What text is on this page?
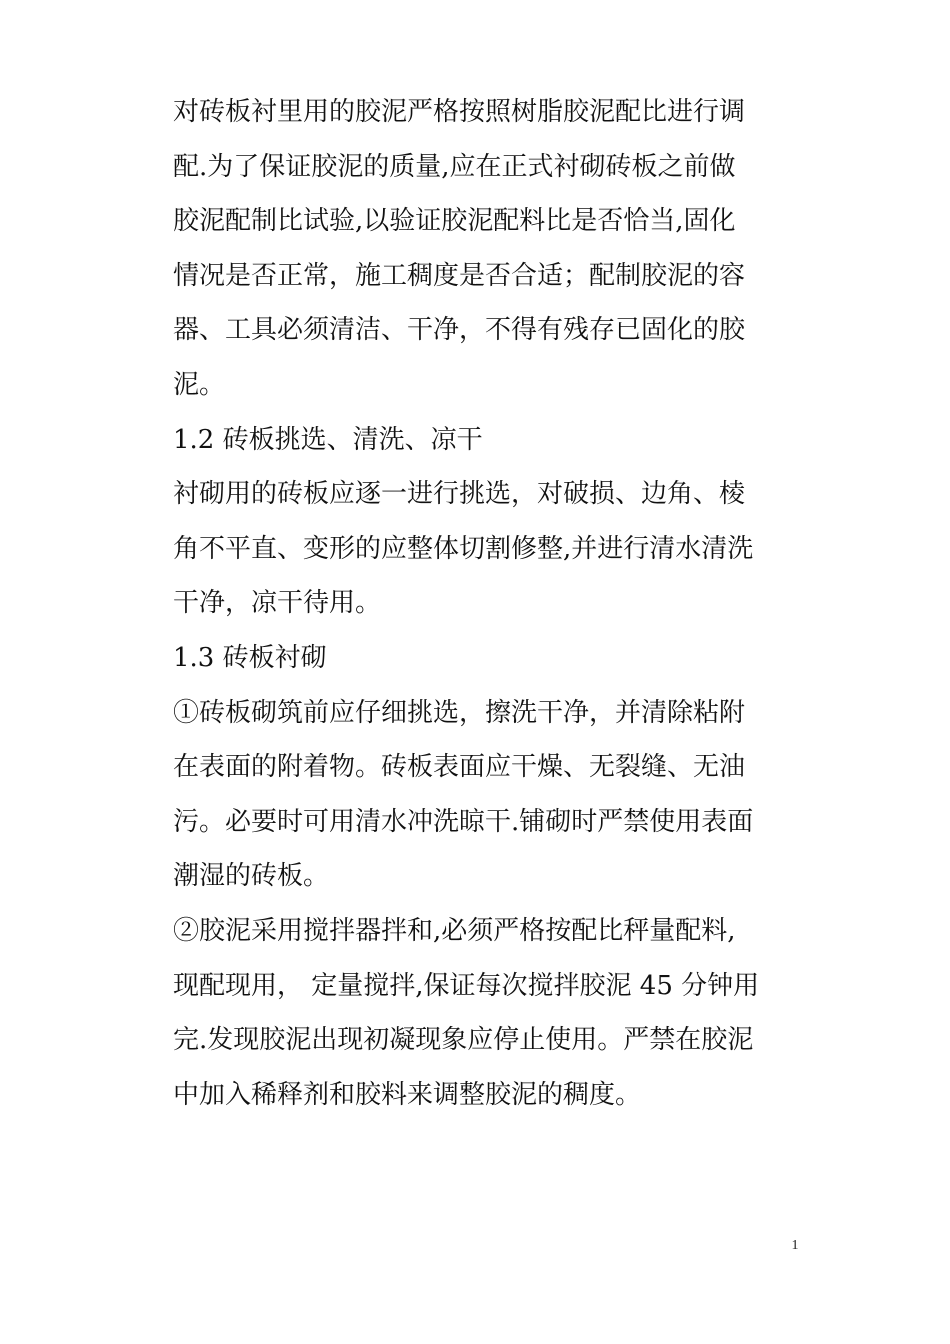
对砖板衬里用的胶泥严格按照树脂胶泥配比进行调
配.为了保证胶泥的质量,应在正式衬砌砖板之前做
胶泥配制比试验,以验证胶泥配料比是否恰当,固化
情况是否正常，施工稠度是否合适；配制胶泥的容
器、工具必须清洁、干净，不得有残存已固化的胶
泥。
1.2 砖板挑选、清洗、凉干
衬砌用的砖板应逐一进行挑选，对破损、边角、棱
角不平直、变形的应整体切割修整,并进行清水清洗
干净，凉干待用。
1.3 砖板衬砌
①砖板砌筑前应仔细挑选，擦洗干净，并清除粘附
在表面的附着物。砖板表面应干燥、无裂缝、无油
污。必要时可用清水冲洗晾干.铺砌时严禁使用表面
潮湿的砖板。
②胶泥采用搅拌器拌和,必须严格按配比秤量配料,
现配现用， 定量搅拌,保证每次搅拌胶泥 45 分钟用
完.发现胶泥出现初凝现象应停止使用。严禁在胶泥
中加入稀释剂和胶料来调整胶泥的稠度。
1
